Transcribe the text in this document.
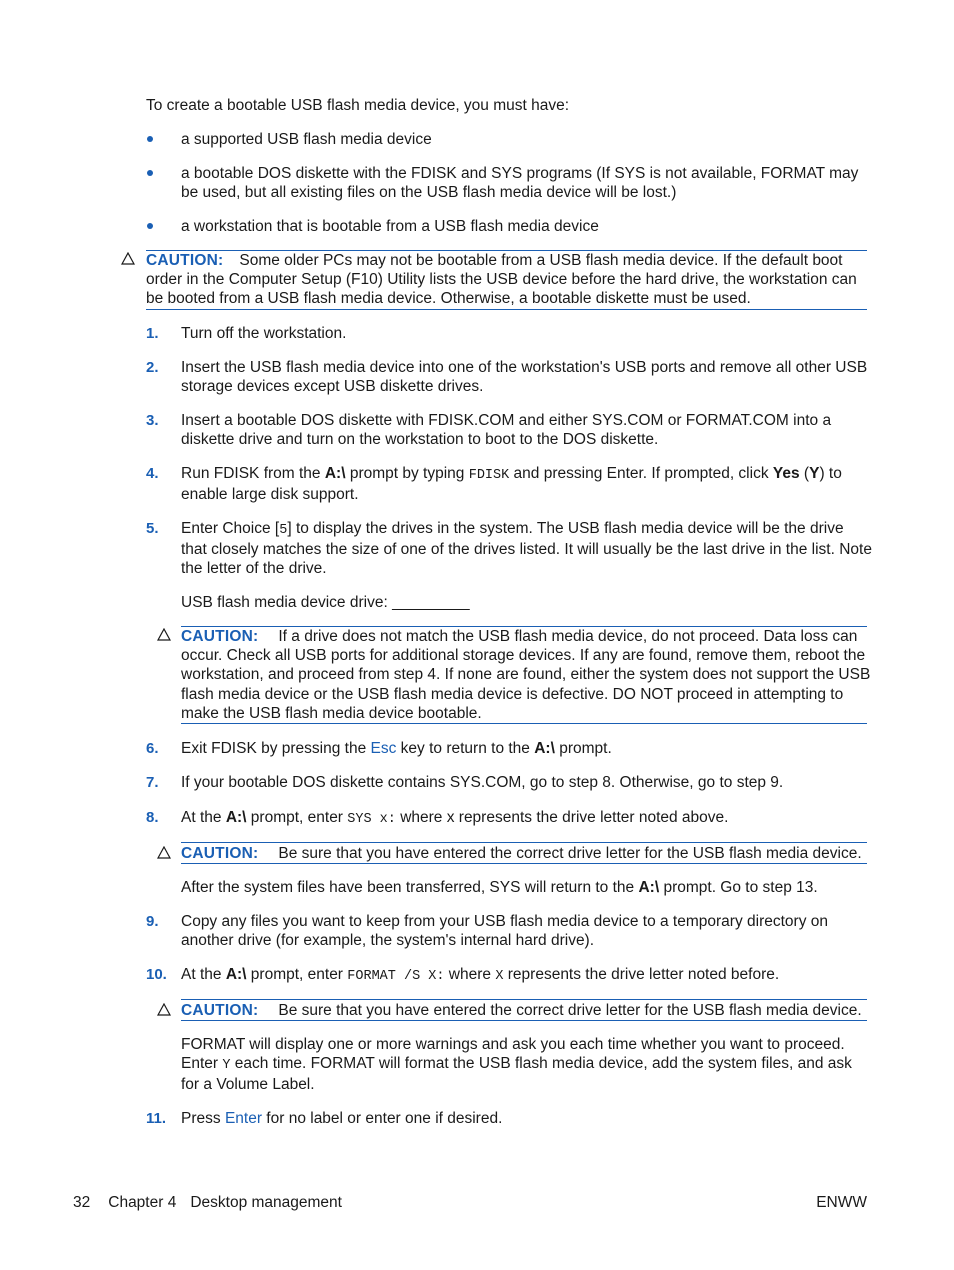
To create a bootable USB flash media device, you must have:
a supported USB flash media device
a bootable DOS diskette with the FDISK and SYS programs (If SYS is not available, FORMAT may
be used, but all existing files on the USB flash media device will be lost.)
a workstation that is bootable from a USB flash media device
CAUTION: Some older PCs may not be bootable from a USB flash media device. If the default boot
order in the Computer Setup (F10) Utility lists the USB device before the hard drive, the workstation can
be booted from a USB flash media device. Otherwise, a bootable diskette must be used.
1. Turn off the workstation.
2. Insert the USB flash media device into one of the workstation's USB ports and remove all other USB
storage devices except USB diskette drives.
3. Insert a bootable DOS diskette with FDISK.COM and either SYS.COM or FORMAT.COM into a
diskette drive and turn on the workstation to boot to the DOS diskette.
4. Run FDISK from the A:\ prompt by typing FDISK and pressing Enter. If prompted, click Yes (Y) to
enable large disk support.
5. Enter Choice [5] to display the drives in the system. The USB flash media device will be the drive
that closely matches the size of one of the drives listed. It will usually be the last drive in the list. Note
the letter of the drive.
USB flash media device drive: _________
CAUTION: If a drive does not match the USB flash media device, do not proceed. Data loss can
occur. Check all USB ports for additional storage devices. If any are found, remove them, reboot the
workstation, and proceed from step 4. If none are found, either the system does not support the USB
flash media device or the USB flash media device is defective. DO NOT proceed in attempting to
make the USB flash media device bootable.
6. Exit FDISK by pressing the Esc key to return to the A:\ prompt.
7. If your bootable DOS diskette contains SYS.COM, go to step 8. Otherwise, go to step 9.
8. At the A:\ prompt, enter SYS x: where x represents the drive letter noted above.
CAUTION: Be sure that you have entered the correct drive letter for the USB flash media device.
After the system files have been transferred, SYS will return to the A:\ prompt. Go to step 13.
9. Copy any files you want to keep from your USB flash media device to a temporary directory on
another drive (for example, the system's internal hard drive).
10. At the A:\ prompt, enter FORMAT /S X: where X represents the drive letter noted before.
CAUTION: Be sure that you have entered the correct drive letter for the USB flash media device.
FORMAT will display one or more warnings and ask you each time whether you want to proceed.
Enter Y each time. FORMAT will format the USB flash media device, add the system files, and ask
for a Volume Label.
11. Press Enter for no label or enter one if desired.
32 Chapter 4 Desktop management	ENWW
